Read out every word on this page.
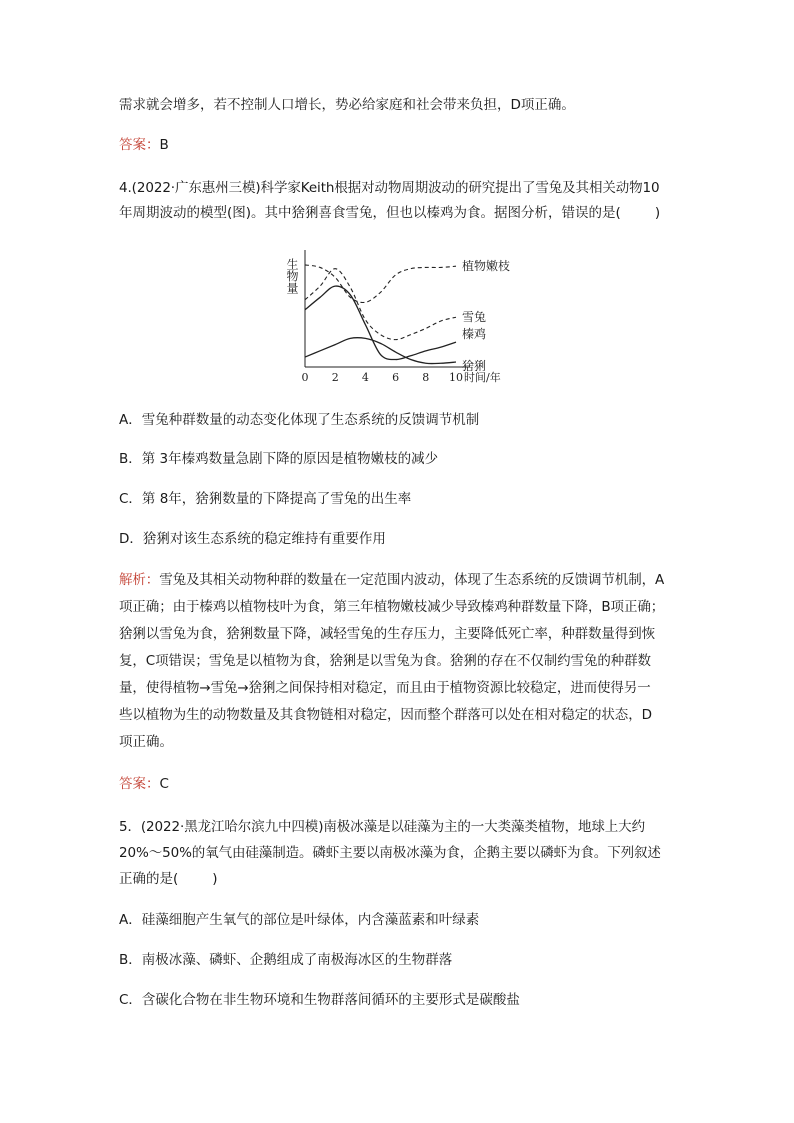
需求就会增多，若不控制人口增长，势必给家庭和社会带来负担，D项正确。
答案：B
4.(2022·广东惠州三模)科学家Keith根据对动物周期波动的研究提出了雪兔及其相关动物10
年周期波动的模型(图)。其中猞猁喜食雪兔，但也以榛鸡为食。据图分析，错误的是(	)
生物量
0 2 4 6 8 10 时间/年
植物嫩枝
雪兔
榛鸡
猞猁
A．雪兔种群数量的动态变化体现了生态系统的反馈调节机制
B．第 3年榛鸡数量急剧下降的原因是植物嫩枝的减少
C．第 8年，猞猁数量的下降提高了雪兔的出生率
D．猞猁对该生态系统的稳定维持有重要作用
解析：雪兔及其相关动物种群的数量在一定范围内波动，体现了生态系统的反馈调节机制，A
项正确；由于榛鸡以植物枝叶为食，第三年植物嫩枝减少导致榛鸡种群数量下降，B项正确；
猞猁以雪兔为食，猞猁数量下降，减轻雪兔的生存压力，主要降低死亡率，种群数量得到恢
复，C项错误；雪兔是以植物为食，猞猁是以雪兔为食。猞猁的存在不仅制约雪兔的种群数
量，使得植物→雪兔→猞猁之间保持相对稳定，而且由于植物资源比较稳定，进而使得另一
些以植物为生的动物数量及其食物链相对稳定，因而整个群落可以处在相对稳定的状态，D
项正确。
答案：C
5．(2022·黑龙江哈尔滨九中四模)南极冰藻是以硅藻为主的一大类藻类植物，地球上大约
20%～50%的氧气由硅藻制造。磷虾主要以南极冰藻为食，企鹅主要以磷虾为食。下列叙述
正确的是(	)
A．硅藻细胞产生氧气的部位是叶绿体，内含藻蓝素和叶绿素
B．南极冰藻、磷虾、企鹅组成了南极海冰区的生物群落
C．含碳化合物在非生物环境和生物群落间循环的主要形式是碳酸盐
